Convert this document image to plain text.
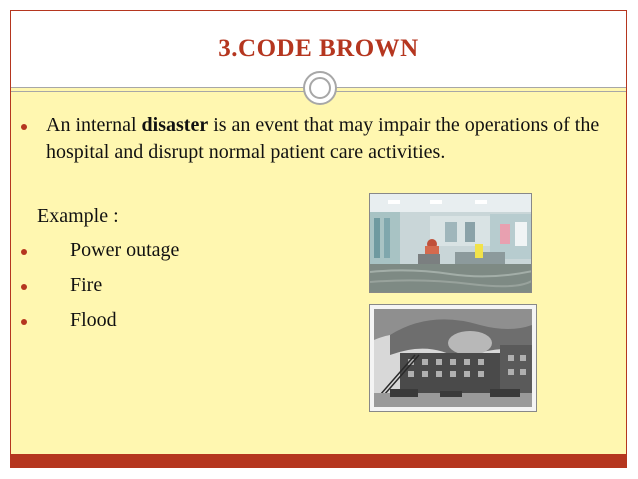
3.CODE BROWN
An internal disaster is an event that may impair the operations of the hospital and disrupt normal patient care activities.
Example :
Power outage
Fire
Flood
